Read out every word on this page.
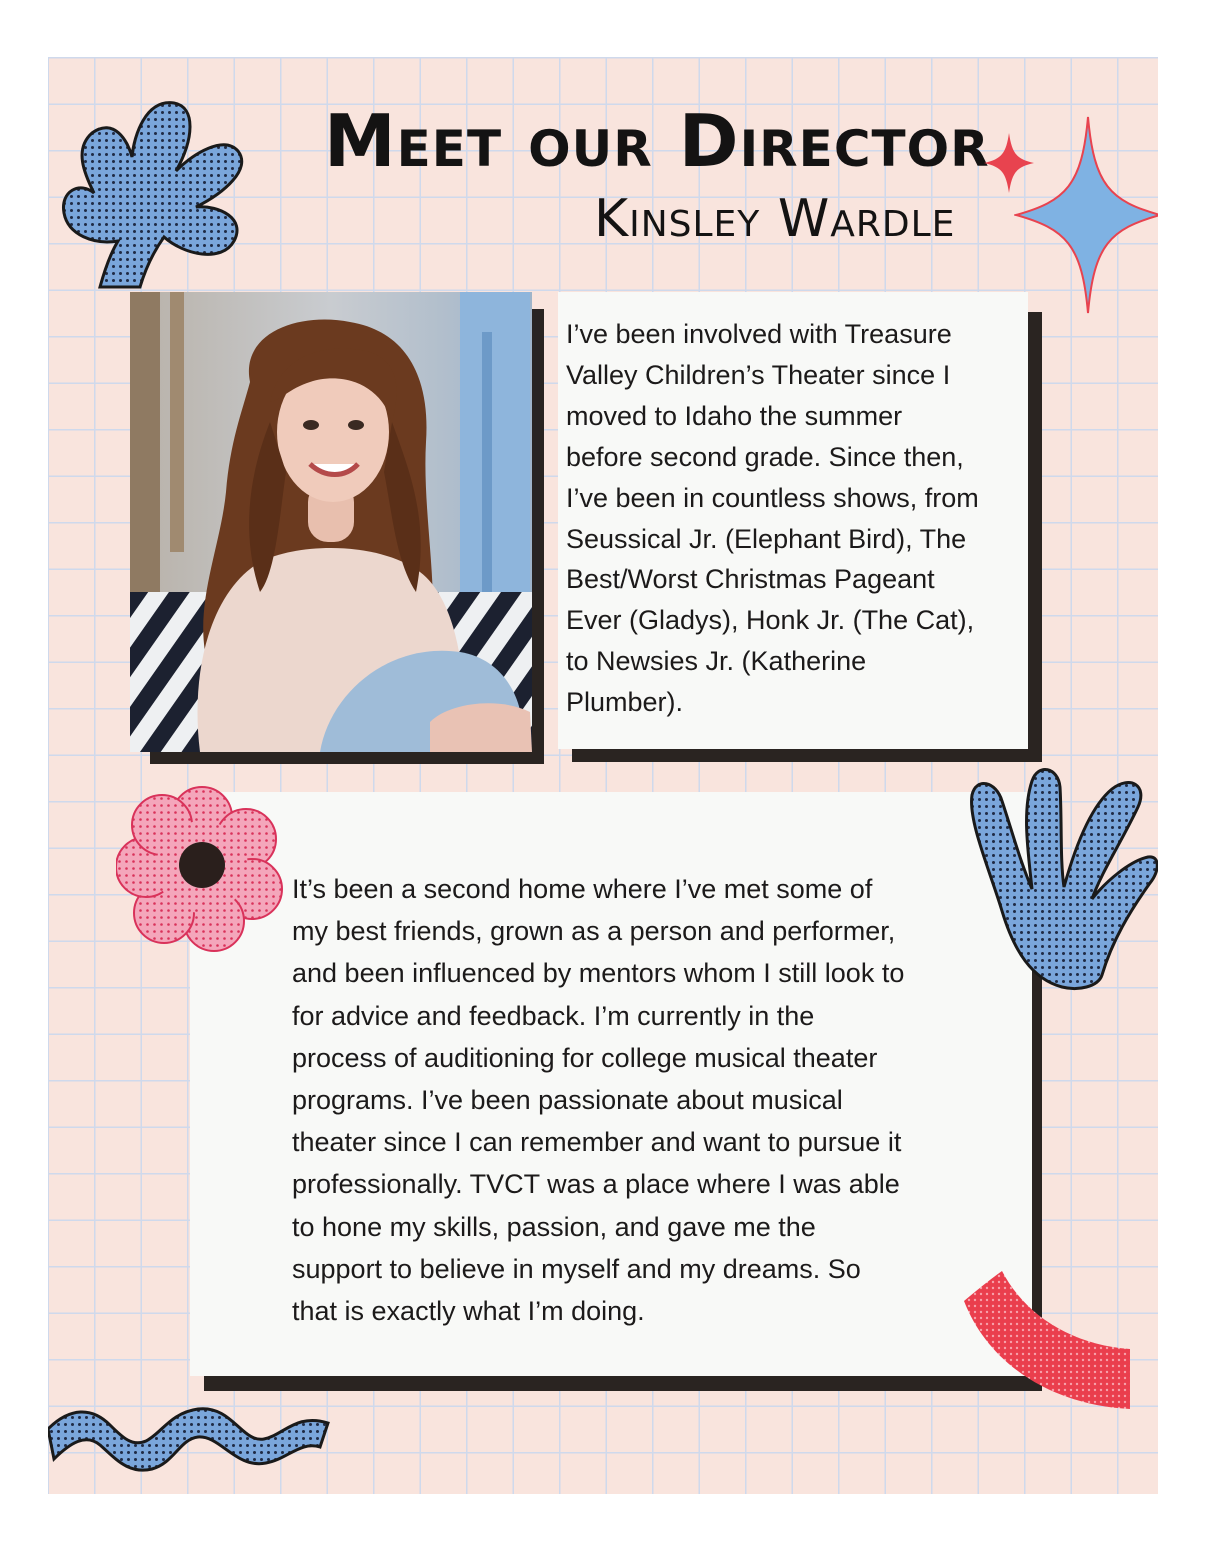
Meet our Director
Kinsley Wardle
I’ve been involved with Treasure
Valley Children’s Theater since I
moved to Idaho the summer
before second grade. Since then,
I’ve been in countless shows, from
Seussical Jr. (Elephant Bird), The
Best/Worst Christmas Pageant
Ever (Gladys), Honk Jr. (The Cat),
to Newsies Jr. (Katherine
Plumber).
It’s been a second home where I’ve met some of
my best friends, grown as a person and performer,
and been influenced by mentors whom I still look to
for advice and feedback. I’m currently in the
process of auditioning for college musical theater
programs. I’ve been passionate about musical
theater since I can remember and want to pursue it
professionally. TVCT was a place where I was able
to hone my skills, passion, and gave me the
support to believe in myself and my dreams. So
that is exactly what I’m doing.
